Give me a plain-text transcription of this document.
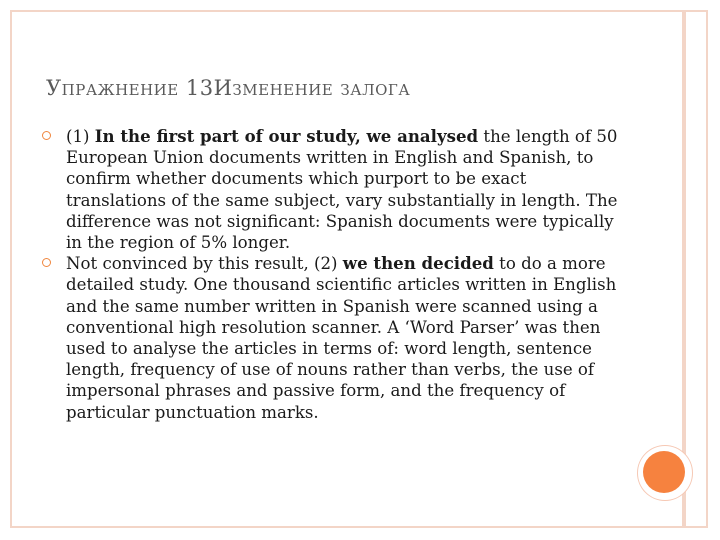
Упражнение 13Изменение залога
(1) In the first part of our study, we analysed the length of 50 European Union documents written in English and Spanish, to confirm whether documents which purport to be exact translations of the same subject, vary substantially in length. The difference was not significant: Spanish documents were typically in the region of 5% longer.
Not convinced by this result, (2) we then decided to do a more detailed study. One thousand scientific articles written in English and the same number written in Spanish were scanned using a conventional high resolution scanner. A ‘Word Parser’ was then used to analyse the articles in terms of: word length, sentence length, frequency of use of nouns rather than verbs, the use of impersonal phrases and passive form, and the frequency of particular punctuation marks.
